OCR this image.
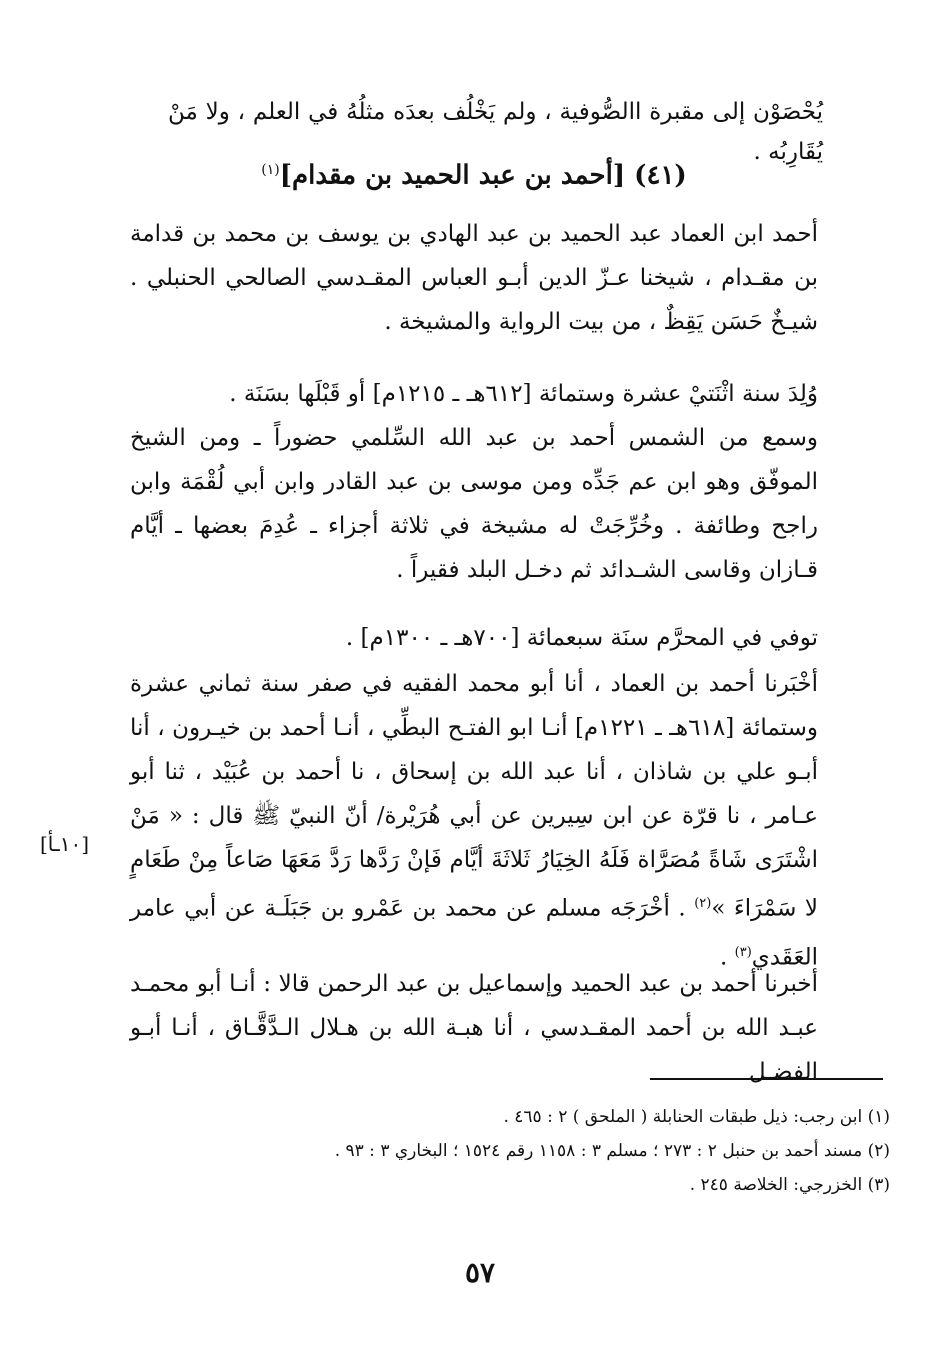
يُحْصَوْن إلى مقبرة االصُّوفية ، ولم يَخْلُف بعدَه مثلُهُ في العلم ، ولا مَنْ يُقَارِبُه .
(٤١) [أحمد بن عبد الحميد بن مقدام]$^{(١)}$
أحمد ابن العماد عبد الحميد بن عبد الهادي بن يوسف بن محمد بن قدامة بن مقـدام ، شيخنا عـزّ الدين أبـو العباس المقـدسي الصالحي الحنبلي . شيـخٌ حَسَن يَقِظٌ ، من بيت الرواية والمشيخة .
وُلِدَ سنة اثْنَتيْ عشرة وستمائة [٦١٢هـ ـ ١٢١٥م] أو قَبْلَها بسَنَة .
وسمع من الشمس أحمد بن عبد الله السِّلمي حضوراً ـ ومن الشيخ الموفّق وهو ابن عم جَدِّه ومن موسى بن عبد القادر وابن أبي لُقْمَة وابن راجح وطائفة . وخُرِّجَتْ له مشيخة في ثلاثة أجزاء ـ عُدِمَ بعضها ـ أيَّام قـازان وقاسى الشـدائد ثم دخـل البلد فقيراً .
توفي في المحرَّم سنَة سبعمائة [٧٠٠هـ ـ ١٣٠٠م] .
أخْبَرنا أحمد بن العماد ، أنا أبو محمد الفقيه في صفر سنة ثماني عشرة وستمائة [٦١٨هـ ـ ١٢٢١م] أنـا ابو الفتـح البطِّي ، أنـا أحمد بن خيـرون ، أنا أبـو علي بن شاذان ، أنا عبد الله بن إسحاق ، نا أحمد بن عُبَيْد ، ثنا أبو عـامر ، نا قرّة عن ابن سِيرين عن أبي هُرَيْرة/ أنّ النبيّ ﷺ قال : « مَنْ اشْتَرَى شَاةً مُصَرَّاة فَلَهُ الخِيَارُ ثَلاثَةَ أيَّام فَإنْ رَدَّها رَدَّ مَعَهَا صَاعاً مِنْ طَعَامٍ لا سَمْرَاءَ »$^{(٢)}$ . أخْرَجَه مسلم عن محمد بن عَمْرو بن جَبَلَـة عن أبي عامر العَقَدي$^{(٣)}$ .
[١٠ـأ]
أخبرنا أحمد بن عبد الحميد وإسماعيل بن عبد الرحمن قالا : أنـا أبو محمـد عبـد الله بن أحمد المقـدسي ، أنا هبـة الله بن هـلال الـدَّقَّـاق ، أنـا أبـو الفضـل
(١) ابن رجب: ذيل طبقات الحنابلة ( الملحق ) ٢ : ٤٦٥ .
(٢) مسند أحمد بن حنبل ٢ : ٢٧٣ ؛ مسلم ٣ : ١١٥٨ رقم ١٥٢٤ ؛ البخاري ٣ : ٩٣ .
(٣) الخزرجي: الخلاصة ٢٤٥ .
٥٧
